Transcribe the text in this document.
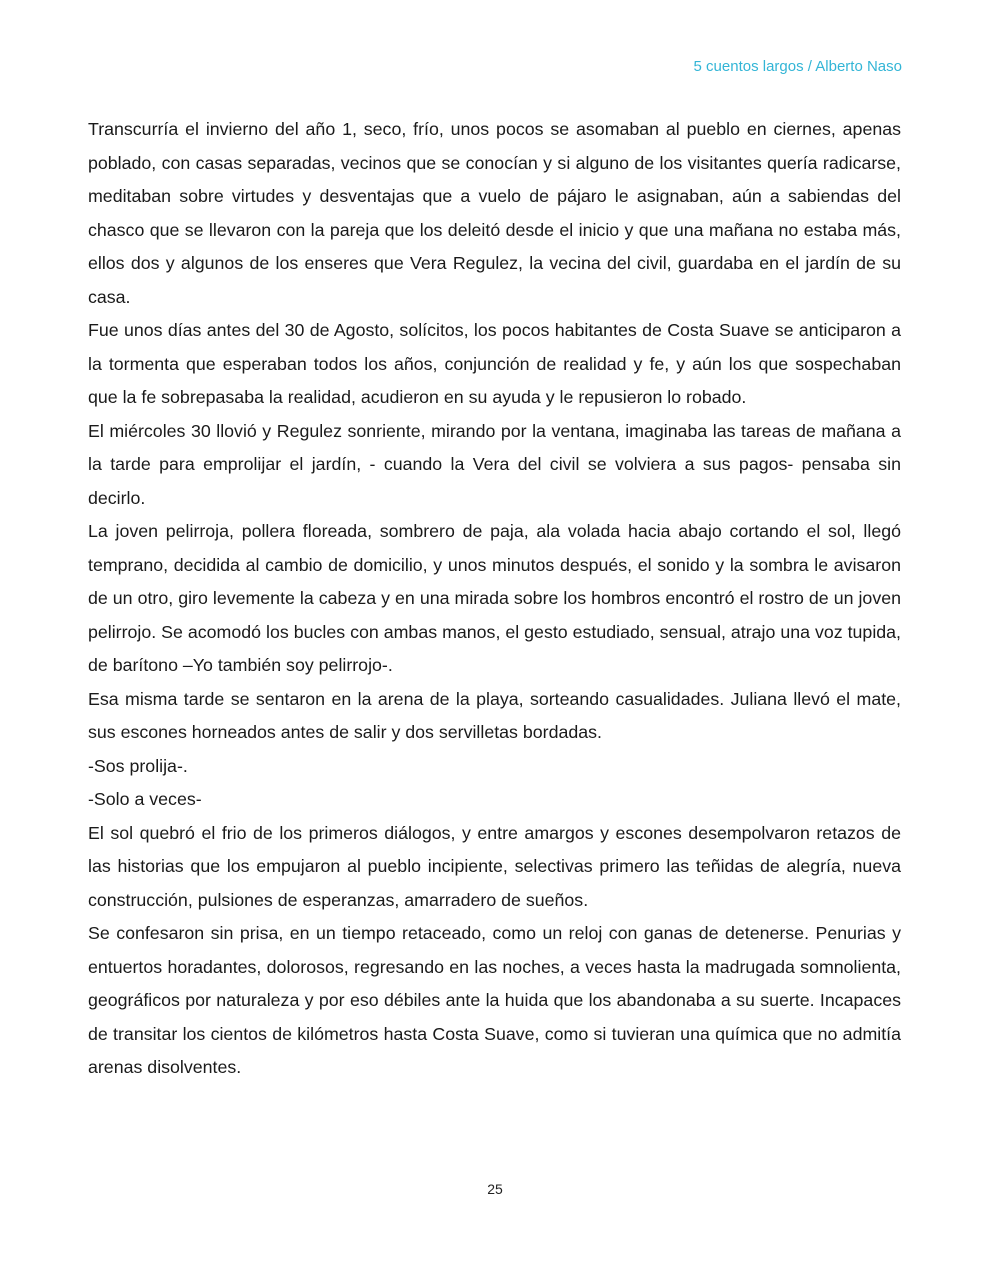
5 cuentos largos / Alberto Naso

Transcurría el invierno del año 1, seco, frío, unos pocos se asomaban al pueblo en ciernes, apenas poblado, con casas separadas, vecinos que se conocían y si alguno de los visitantes quería radicarse, meditaban sobre virtudes y desventajas que a vuelo de pájaro le asignaban, aún a sabiendas del chasco que se llevaron con la pareja que los deleitó desde el inicio y que una mañana no estaba más, ellos dos y algunos de los enseres que Vera Regulez, la vecina del civil, guardaba en el jardín de su casa.

Fue unos días antes del 30 de Agosto, solícitos, los pocos habitantes de Costa Suave se anticiparon a la tormenta que esperaban todos los años, conjunción de realidad y fe, y aún los que sospechaban que la fe sobrepasaba la realidad, acudieron en su ayuda y le repusieron lo robado.

El miércoles 30 llovió y Regulez sonriente, mirando por la ventana, imaginaba las tareas de mañana a la tarde para emprolijar el jardín, - cuando la Vera del civil se volviera a sus pagos- pensaba sin decirlo.

La joven pelirroja, pollera floreada, sombrero de paja, ala volada hacia abajo cortando el sol, llegó temprano, decidida al cambio de domicilio, y unos minutos después, el sonido y la sombra le avisaron de un otro, giro levemente la cabeza y en una mirada sobre los hombros encontró el rostro de un joven pelirrojo. Se acomodó los bucles con ambas manos, el gesto estudiado, sensual, atrajo una voz tupida, de barítono –Yo también soy pelirrojo-.

Esa misma tarde se sentaron en la arena de la playa, sorteando casualidades. Juliana llevó el mate, sus escones horneados antes de salir y dos servilletas bordadas.

-Sos prolija-.

-Solo a veces-

El sol quebró el frio de los primeros diálogos, y entre amargos y escones desempolvaron retazos de las historias que los empujaron al pueblo incipiente, selectivas primero las teñidas de alegría, nueva construcción, pulsiones de esperanzas, amarradero de sueños.

Se confesaron sin prisa, en un tiempo retaceado, como un reloj con ganas de detenerse. Penurias y entuertos horadantes, dolorosos, regresando en las noches, a veces hasta la madrugada somnolienta, geográficos por naturaleza y por eso débiles ante la huida que los abandonaba a su suerte. Incapaces de transitar los cientos de kilómetros hasta Costa Suave, como si tuvieran una química que no admitía arenas disolventes.

25
